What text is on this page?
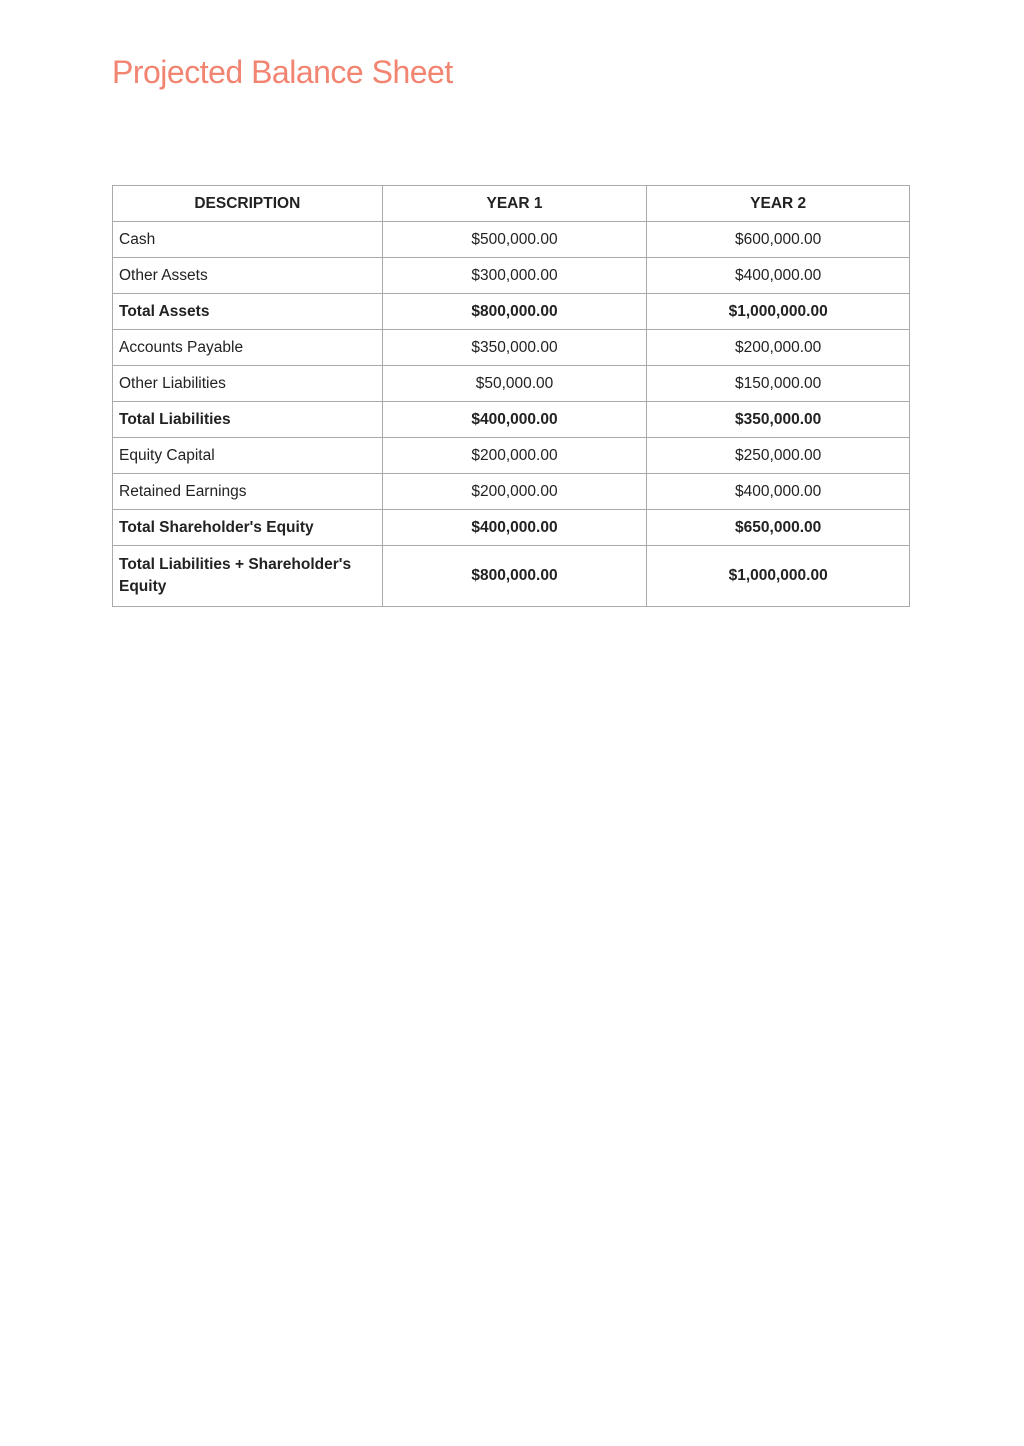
Projected Balance Sheet
DESCRIPTION	YEAR 1	YEAR 2
Cash	$500,000.00	$600,000.00
Other Assets	$300,000.00	$400,000.00
Total Assets	$800,000.00	$1,000,000.00
Accounts Payable	$350,000.00	$200,000.00
Other Liabilities	$50,000.00	$150,000.00
Total Liabilities	$400,000.00	$350,000.00
Equity Capital	$200,000.00	$250,000.00
Retained Earnings	$200,000.00	$400,000.00
Total Shareholder's Equity	$400,000.00	$650,000.00
Total Liabilities + Shareholder's Equity	$800,000.00	$1,000,000.00
